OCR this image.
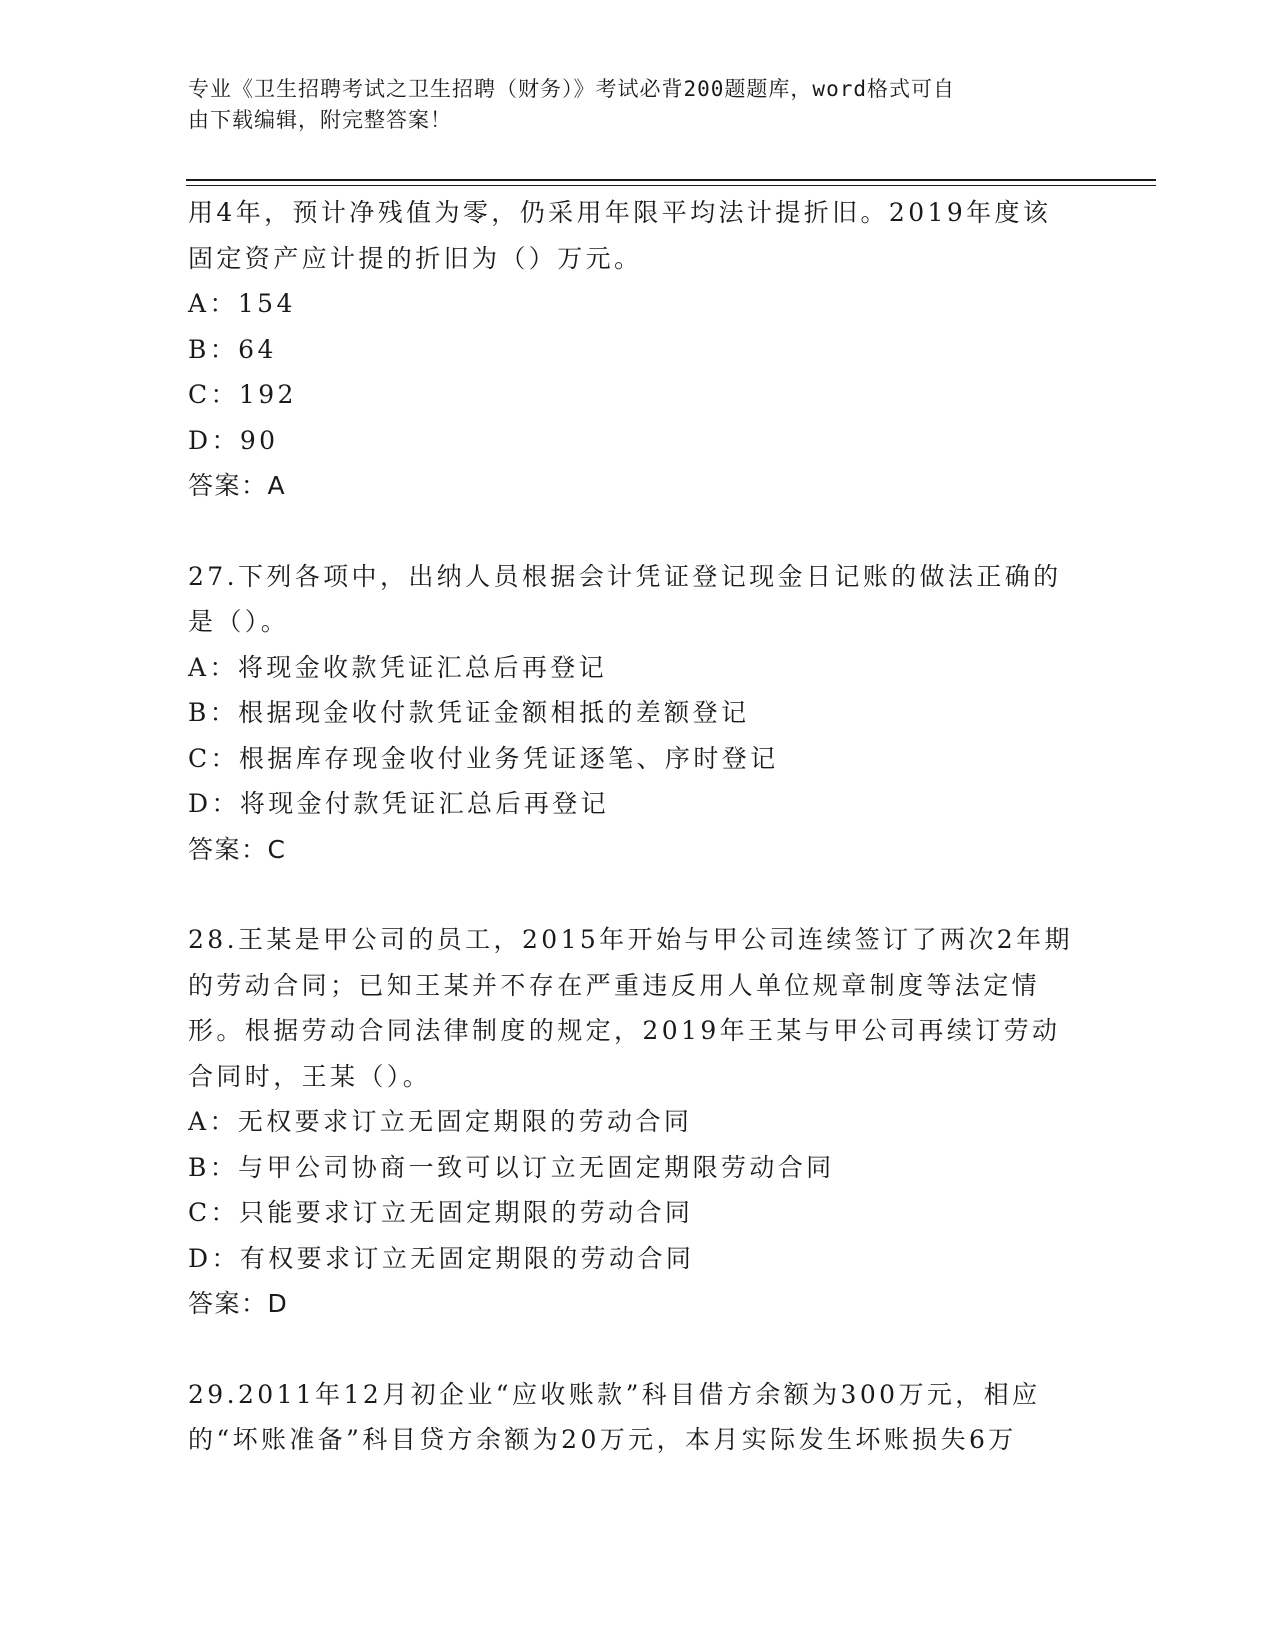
专业《卫生招聘考试之卫生招聘（财务）》考试必背200题题库，word格式可自
由下载编辑，附完整答案！
用4年，预计净残值为零，仍采用年限平均法计提折旧。2019年度该
固定资产应计提的折旧为（）万元。
A：154
B：64
C：192
D：90
答案：A
27.下列各项中，出纳人员根据会计凭证登记现金日记账的做法正确的
是（）。
A：将现金收款凭证汇总后再登记
B：根据现金收付款凭证金额相抵的差额登记
C：根据库存现金收付业务凭证逐笔、序时登记
D：将现金付款凭证汇总后再登记
答案：C
28.王某是甲公司的员工，2015年开始与甲公司连续签订了两次2年期
的劳动合同；已知王某并不存在严重违反用人单位规章制度等法定情
形。根据劳动合同法律制度的规定，2019年王某与甲公司再续订劳动
合同时，王某（）。
A：无权要求订立无固定期限的劳动合同
B：与甲公司协商一致可以订立无固定期限劳动合同
C：只能要求订立无固定期限的劳动合同
D：有权要求订立无固定期限的劳动合同
答案：D
29.2011年12月初企业“应收账款”科目借方余额为300万元，相应
的“坏账准备”科目贷方余额为20万元，本月实际发生坏账损失6万
